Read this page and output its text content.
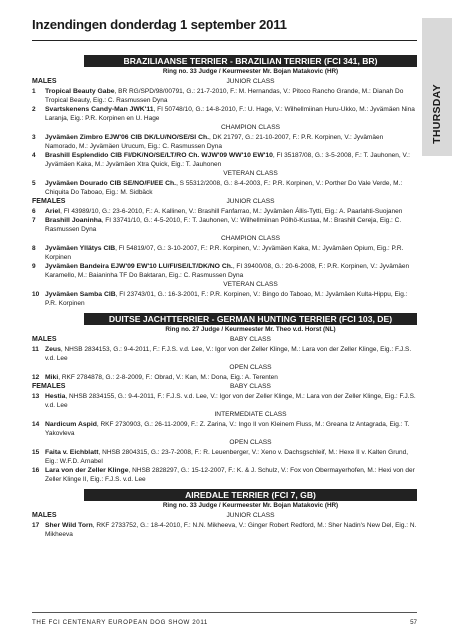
Inzendingen donderdag 1 september 2011
THURSDAY
BRAZILIAANSE TERRIER - BRAZILIAN TERRIER (FCI 341, BR)
Ring no. 33 Judge / Keurmeester Mr. Bojan Matakovic (HR)
MALES	JUNIOR CLASS
1 Tropical Beauty Gabe, BR RG/SPD/98/00791, G.: 21-7-2010, F.: M. Hernandas, V.: Pitoco Rancho Grande, M.: Dianah Do Tropical Beauty, Eig.: C. Rasmussen Dyna
2 Svartskenens Candy-Man JWK'11, FI 50748/10, G.: 14-8-2010, F.: U. Hage, V.: Wilhellmiinan Huru-Ukko, M.: Jyvämäen Nina Laranja, Eig.: P.R. Korpinen en U. Hage
CHAMPION CLASS
3 Jyvämäen Zimbro EJW'06 CIB DK/LU/NO/SE/SI Ch., DK 21797, G.: 21-10-2007, F.: P.R. Korpinen, V.: Jyvämäen Namorado, M.: Jyvämäen Urucum, Eig.: C. Rasmussen Dyna
4 Brashill Esplendido CIB FI/DK/NO/SE/LT/RO Ch. WJW'09 WW'10 EW'10, FI 35187/08, G.: 3-5-2008, F.: T. Jauhonen, V.: Jyvämäen Kaka, M.: Jyvämäen Xtra Quick, Eig.: T. Jauhonen
VETERAN CLASS
5 Jyvämäen Dourado CIB SE/NO/FI/EE Ch., S 55312/2008, G.: 8-4-2003, F.: P.R. Korpinen, V.: Porther Do Vale Verde, M.: Chiquita Do Taboao, Eig.: M. Sidbäck
FEMALES	JUNIOR CLASS
6 Ariel, FI 43989/10, G.: 23-6-2010, F.: A. Kallinen, V.: Brashill Fanfarrao, M.: Jyvämäen Állis-Tytti, Eig.: A. Paarlahti-Suojanen
7 Brashill Joaninha, FI 33741/10, G.: 4-5-2010, F.: T. Jauhonen, V.: Wilhellmiinan Pölhö-Kustaa, M.: Brashill Cereja, Eig.: C. Rasmussen Dyna
CHAMPION CLASS
8 Jyvämäen Yllätys CIB, FI 54819/07, G.: 3-10-2007, F.: P.R. Korpinen, V.: Jyvämäen Kaka, M.: Jyvämäen Opium, Eig.: P.R. Korpinen
9 Jyvämäen Bandeira EJW'09 EW'10 LU/FI/SE/LT/DK/NO Ch., FI 39400/08, G.: 20-6-2008, F.: P.R. Korpinen, V.: Jyvämäen Karamello, M.: Baianinha TF Do Baktaran, Eig.: C. Rasmussen Dyna
VETERAN CLASS
10 Jyvämäen Samba CIB, FI 23743/01, G.: 16-3-2001, F.: P.R. Korpinen, V.: Bingo do Taboao, M.: Jyvämäen Kulta-Hippu, Eig.: P.R. Korpinen
DUITSE JACHTTERRIER - GERMAN HUNTING TERRIER (FCI 103, DE)
Ring no. 27 Judge / Keurmeester Mr. Theo v.d. Horst (NL)
MALES	BABY CLASS
11 Zeus, NHSB 2834153, G.: 9-4-2011, F.: F.J.S. v.d. Lee, V.: Igor von der Zeller Klinge, M.: Lara von der Zeller Klinge, Eig.: F.J.S. v.d. Lee
OPEN CLASS
12 Miki, RKF 2784878, G.: 2-8-2009, F.: Obrad, V.: Kan, M.: Dona, Eig.: A. Terenten
FEMALES	BABY CLASS
13 Hestia, NHSB 2834155, G.: 9-4-2011, F.: F.J.S. v.d. Lee, V.: Igor von der Zeller Klinge, M.: Lara von der Zeller Klinge, Eig.: F.J.S. v.d. Lee
INTERMEDIATE CLASS
14 Nardicum Aspid, RKF 2730903, G.: 26-11-2009, F.: Z. Zarina, V.: Ingo II von Kleinem Fluss, M.: Greana Iz Antagrada, Eig.: T. Yakovleva
OPEN CLASS
15 Faita v. Eichblatt, NHSB 2804315, G.: 23-7-2008, F.: R. Leuenberger, V.: Xeno v. Dachsgschleif, M.: Hexe II v. Kalten Grund, Eig.: W.F.D. Arnabel
16 Lara von der Zeller Klinge, NHSB 2828297, G.: 15-12-2007, F.: K. & J. Schulz, V.: Fox von Obermayerhofen, M.: Hexi von der Zeller Klinge II, Eig.: F.J.S. v.d. Lee
AIREDALE TERRIER (FCI 7, GB)
Ring no. 33 Judge / Keurmeester Mr. Bojan Matakovic (HR)
MALES	JUNIOR CLASS
17 Sher Wild Torn, RKF 2733752, G.: 18-4-2010, F.: N.N. Mikheeva, V.: Ginger Robert Redford, M.: Sher Nadin's New Del, Eig.: N. Mikheeva
THE FCI CENTENARY EUROPEAN DOG SHOW 2011	57
